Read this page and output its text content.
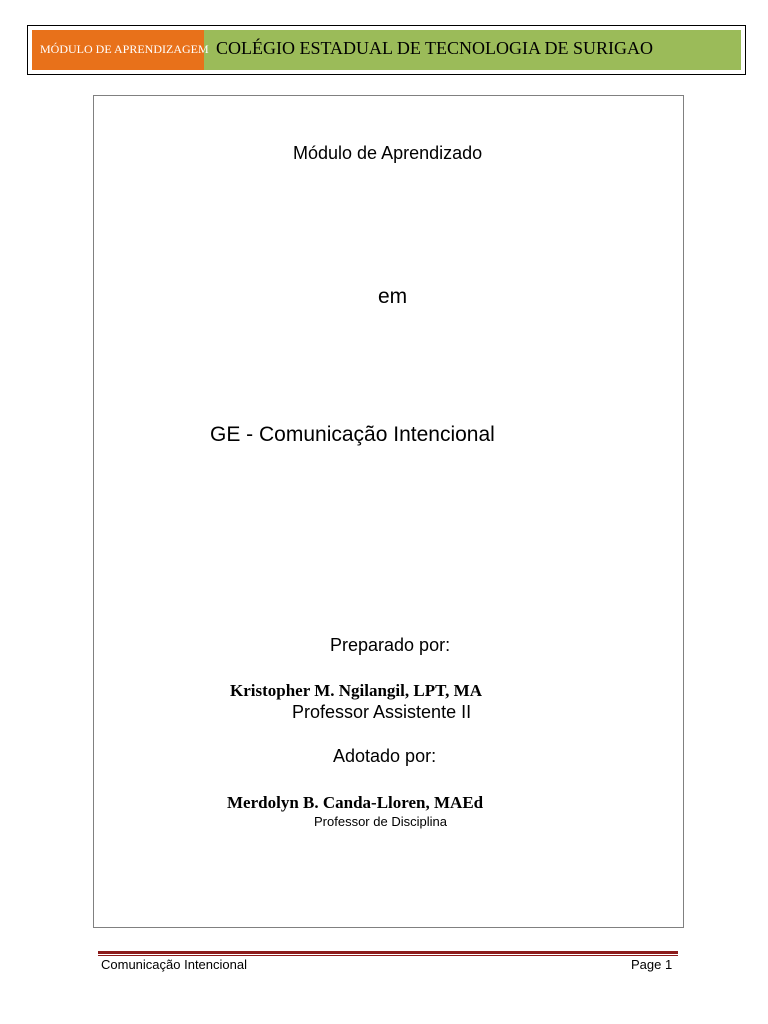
MÓDULO DE APRENDIZAGEM COLÉGIO ESTADUAL DE TECNOLOGIA DE SURIGAO
Módulo de Aprendizado
em
GE - Comunicação Intencional
Preparado por:
Kristopher M. Ngilangil, LPT, MA
Professor Assistente II
Adotado por:
Merdolyn B. Canda-Lloren, MAEd
Professor de Disciplina
Comunicação Intencional	Page 1
